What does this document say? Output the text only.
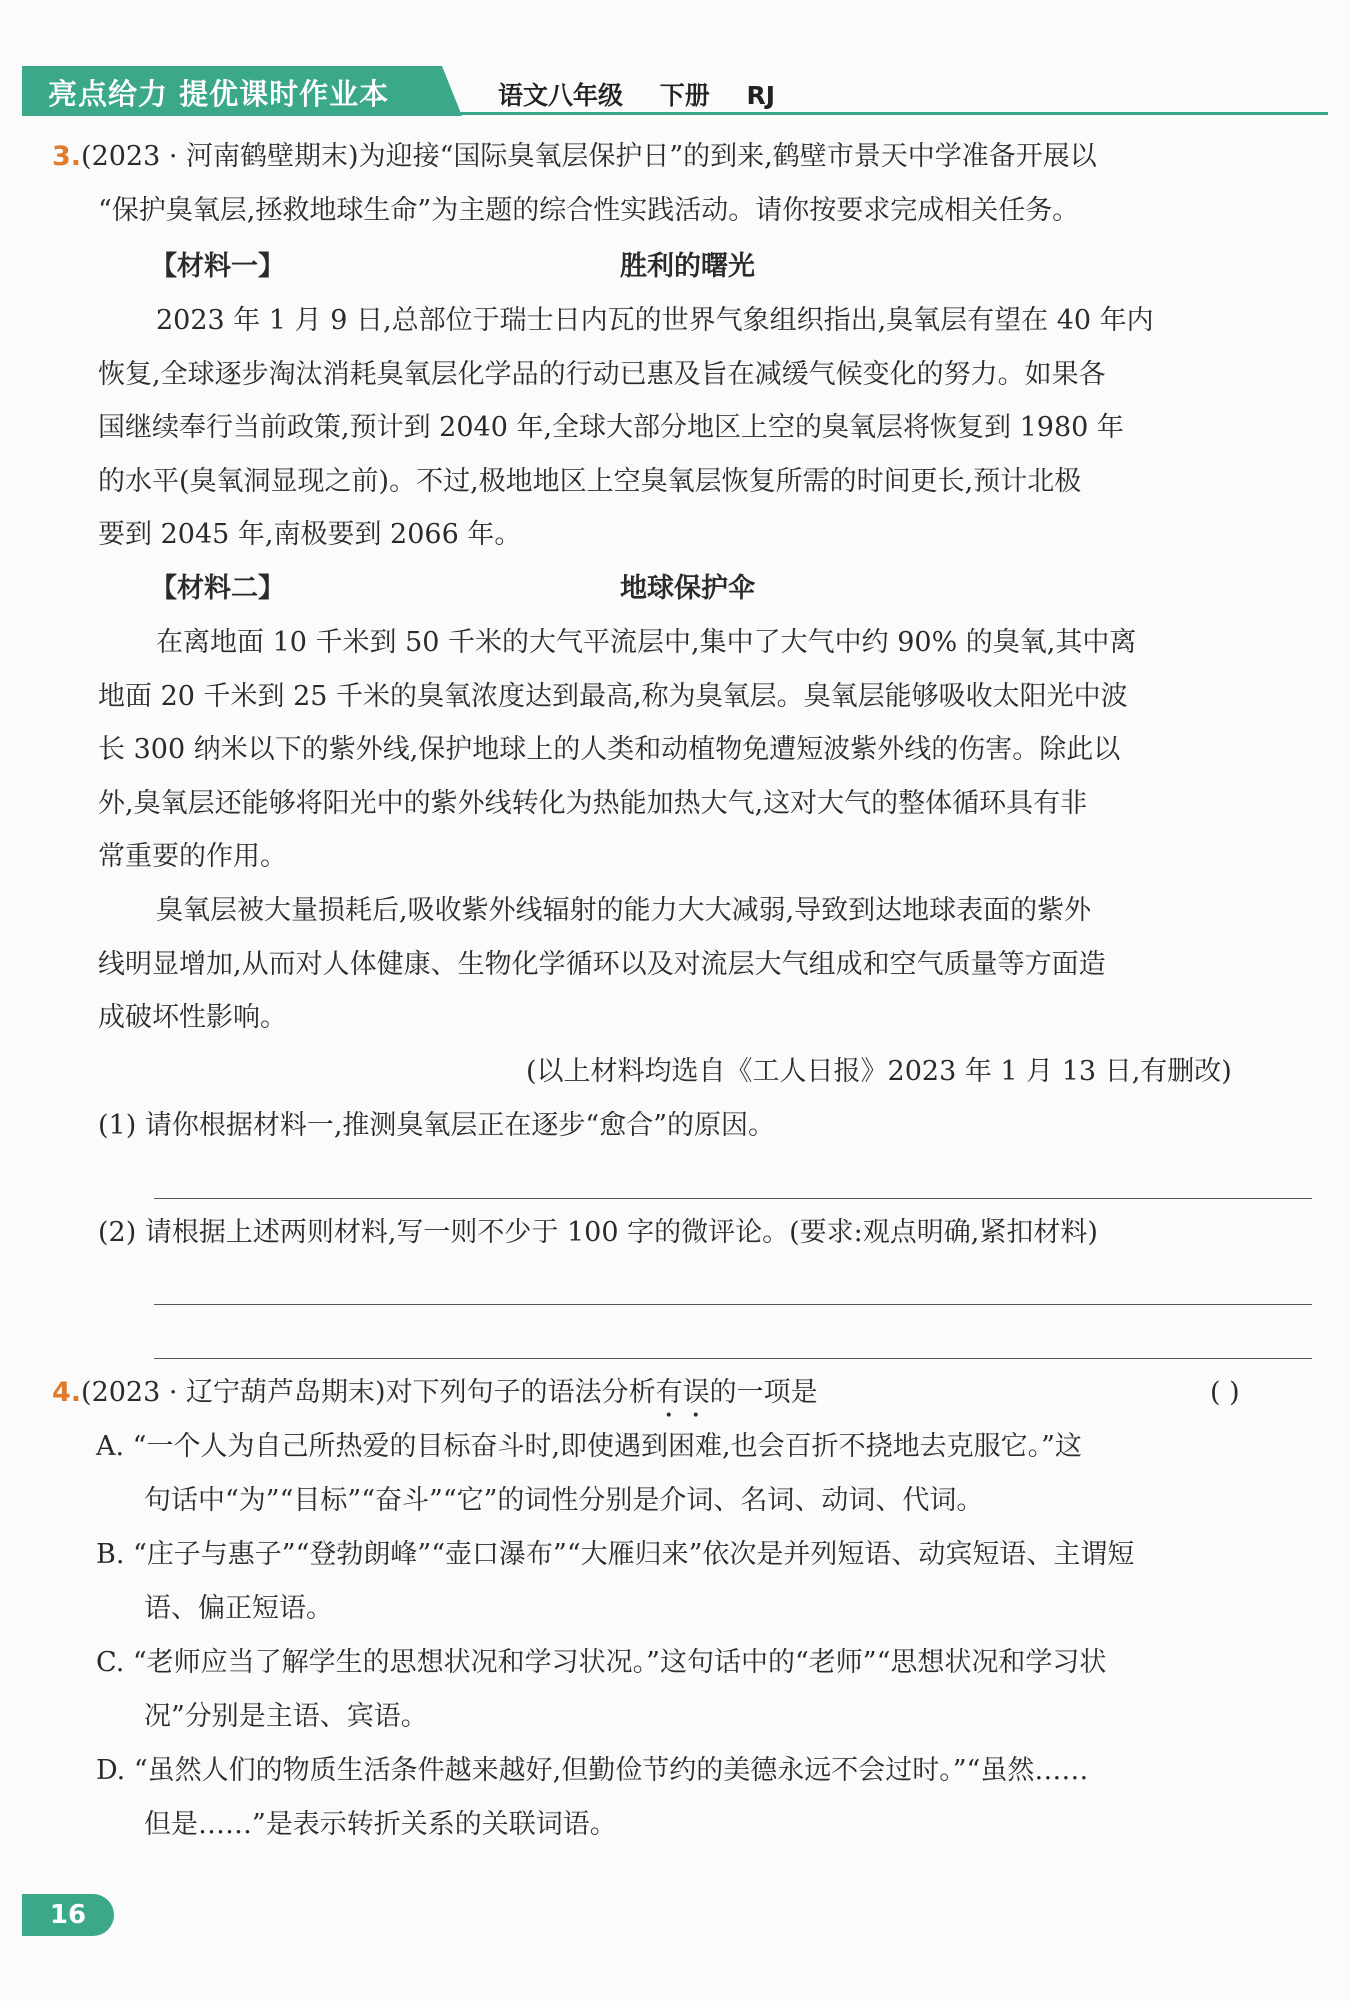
亮点给力 提优课时作业本	语文八年级 下册 RJ
3.(2023 · 河南鹤壁期末)为迎接“国际臭氧层保护日”的到来,鹤壁市景天中学准备开展以
“保护臭氧层,拯救地球生命”为主题的综合性实践活动。请你按要求完成相关任务。
【材料一】	胜利的曙光
2023 年 1 月 9 日,总部位于瑞士日内瓦的世界气象组织指出,臭氧层有望在 40 年内
恢复,全球逐步淘汰消耗臭氧层化学品的行动已惠及旨在减缓气候变化的努力。如果各
国继续奉行当前政策,预计到 2040 年,全球大部分地区上空的臭氧层将恢复到 1980 年
的水平(臭氧洞显现之前)。不过,极地地区上空臭氧层恢复所需的时间更长,预计北极
要到 2045 年,南极要到 2066 年。
【材料二】	地球保护伞
在离地面 10 千米到 50 千米的大气平流层中,集中了大气中约 90% 的臭氧,其中离
地面 20 千米到 25 千米的臭氧浓度达到最高,称为臭氧层。臭氧层能够吸收太阳光中波
长 300 纳米以下的紫外线,保护地球上的人类和动植物免遭短波紫外线的伤害。除此以
外,臭氧层还能够将阳光中的紫外线转化为热能加热大气,这对大气的整体循环具有非
常重要的作用。
臭氧层被大量损耗后,吸收紫外线辐射的能力大大减弱,导致到达地球表面的紫外
线明显增加,从而对人体健康、生物化学循环以及对流层大气组成和空气质量等方面造
成破坏性影响。
(以上材料均选自《工人日报》2023 年 1 月 13 日,有删改)
(1) 请你根据材料一,推测臭氧层正在逐步“愈合”的原因。
(2) 请根据上述两则材料,写一则不少于 100 字的微评论。(要求:观点明确,紧扣材料)
4.(2023 · 辽宁葫芦岛期末)对下列句子的语法分析有误的一项是	( )
A. “一个人为自己所热爱的目标奋斗时,即使遇到困难,也会百折不挠地去克服它。”这
句话中“为”“目标”“奋斗”“它”的词性分别是介词、名词、动词、代词。
B. “庄子与惠子”“登勃朗峰”“壶口瀑布”“大雁归来”依次是并列短语、动宾短语、主谓短
语、偏正短语。
C. “老师应当了解学生的思想状况和学习状况。”这句话中的“老师”“思想状况和学习状
况”分别是主语、宾语。
D. “虽然人们的物质生活条件越来越好,但勤俭节约的美德永远不会过时。”“虽然……
但是……”是表示转折关系的关联词语。
16
